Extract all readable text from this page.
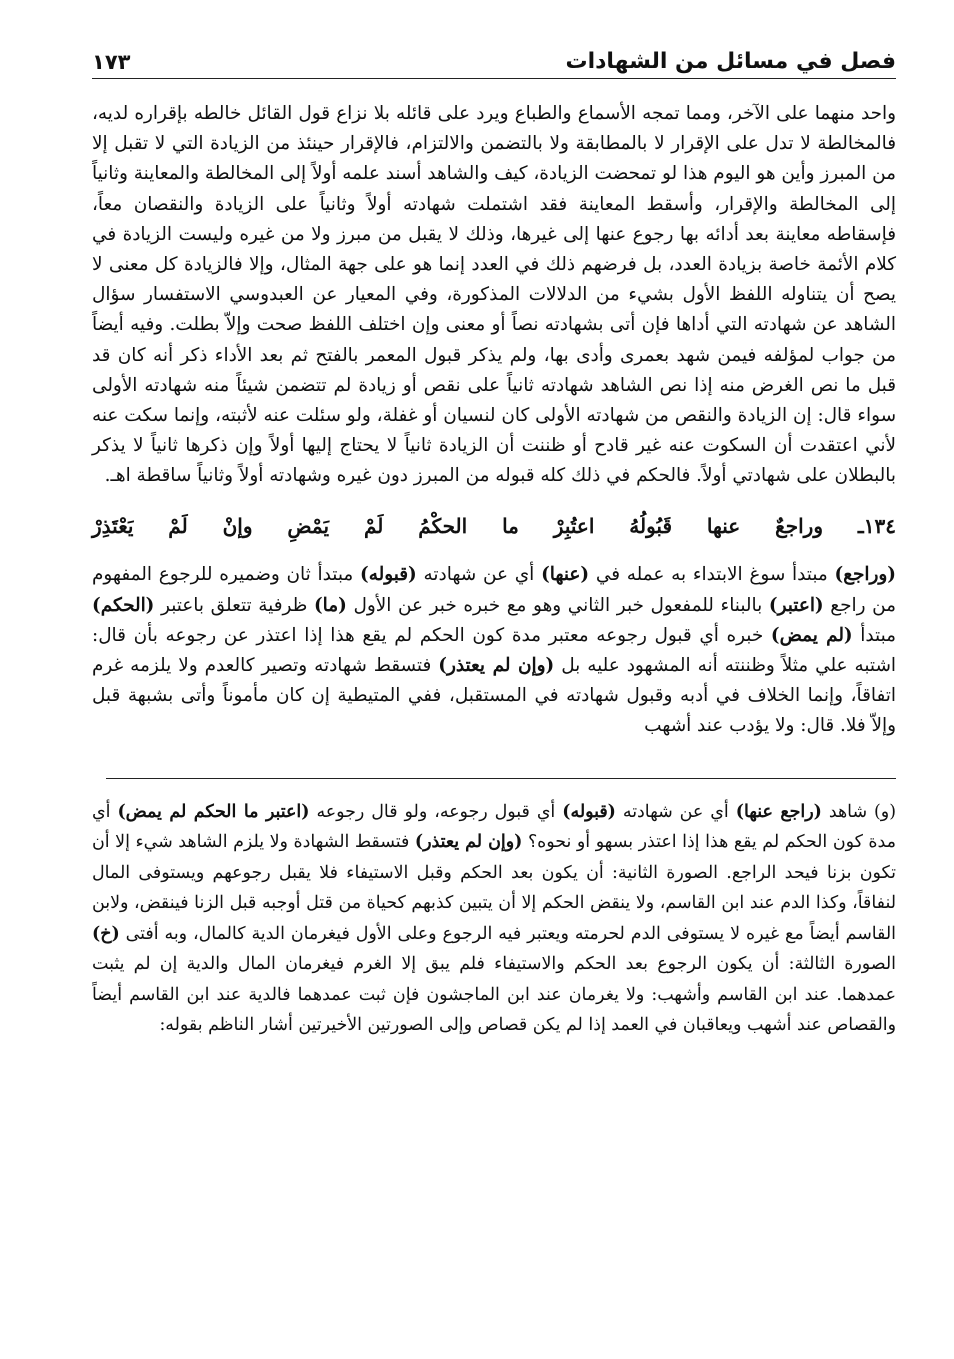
فصل في مسائل من الشهادات
١٧٣

واحد منهما على الآخر، ومما تمجه الأسماع والطباع ويرد على قائله بلا نزاع قول القائل خالطه بإقراره لديه، فالمخالطة لا تدل على الإقرار لا بالمطابقة ولا بالتضمن والالتزام، فالإقرار حينئذ من الزيادة التي لا تقبل إلا من المبرز وأين هو اليوم هذا لو تمحضت الزيادة، كيف والشاهد أسند علمه أولاً إلى المخالطة والمعاينة وثانياً إلى المخالطة والإقرار، وأسقط المعاينة فقد اشتملت شهادته أولاً وثانياً على الزيادة والنقصان معاً، فإسقاطه معاينة بعد أدائه بها رجوع عنها إلى غيرها، وذلك لا يقبل من مبرز ولا من غيره وليست الزيادة في كلام الأئمة خاصة بزيادة العدد، بل فرضهم ذلك في العدد إنما هو على جهة المثال، وإلا فالزيادة كل معنى لا يصح أن يتناوله اللفظ الأول بشيء من الدلالات المذكورة، وفي المعيار عن العبدوسي الاستفسار سؤال الشاهد عن شهادته التي أداها فإن أتى بشهادته نصاً أو معنى وإن اختلف اللفظ صحت وإلاّ بطلت. وفيه أيضاً من جواب لمؤلفه فيمن شهد بعمرى وأدى بها، ولم يذكر قبول المعمر بالفتح ثم بعد الأداء ذكر أنه كان قد قبل ما نص الغرض منه إذا نص الشاهد شهادته ثانياً على نقص أو زيادة لم تتضمن شيئاً منه شهادته الأولى سواء قال: إن الزيادة والنقص من شهادته الأولى كان لنسيان أو غفلة، ولو سئلت عنه لأثبته، وإنما سكت عنه لأني اعتقدت أن السكوت عنه غير قادح أو ظننت أن الزيادة ثانياً لا يحتاج إليها أولاً وإن ذكرها ثانياً لا يذكر بالبطلان على شهادتي أولاً. فالحكم في ذلك كله قبوله من المبرز دون غيره وشهادته أولاً وثانياً ساقطة اهـ.

١٣٤ـ وراجعٌ عنها قَبُولُهُ اعتُبِرْ ما الحكْمُ لَمْ يَمْضِ وإنْ لَمْ يَعْتَذِرْ

(وراجع) مبتدأ سوغ الابتداء به عمله في (عنها) أي عن شهادته (قبوله) مبتدأ ثان وضميره للرجوع المفهوم من راجع (اعتبر) بالبناء للمفعول خبر الثاني وهو مع خبره خبر عن الأول (ما) ظرفية تتعلق باعتبر (الحكم) مبتدأ (لم يمض) خبره أي قبول رجوعه معتبر مدة كون الحكم لم يقع هذا إذا اعتذر عن رجوعه بأن قال: اشتبه علي مثلاً وظننته أنه المشهود عليه بل (وإن لم يعتذر) فتسقط شهادته وتصير كالعدم ولا يلزمه غرم اتفاقاً، وإنما الخلاف في أدبه وقبول شهادته في المستقبل، ففي المتيطية إن كان مأموناً وأتى بشبهة قبل وإلاّ فلا. قال: ولا يؤدب عند أشهب

(و) شاهد (راجع عنها) أي عن شهادته (قبوله) أي قبول رجوعه، ولو قال رجوعه (اعتبر ما الحكم لم يمض) أي مدة كون الحكم لم يقع هذا إذا اعتذر بسهو أو نحوه؟ (وإن لم يعتذر) فتسقط الشهادة ولا يلزم الشاهد شيء إلا أن تكون بزنا فيحد الراجع. الصورة الثانية: أن يكون بعد الحكم وقبل الاستيفاء فلا يقبل رجوعهم ويستوفى المال لنفاقاً، وكذا الدم عند ابن القاسم، ولا ينقض الحكم إلا أن يتبين كذبهم كحياة من قتل أوجبه قبل الزنا فينقض، ولابن القاسم أيضاً مع غيره لا يستوفى الدم لحرمته ويعتبر فيه الرجوع وعلى الأول فيغرمان الدية كالمال، وبه أفتى (خ) الصورة الثالثة: أن يكون الرجوع بعد الحكم والاستيفاء فلم يبق إلا الغرم فيغرمان المال والدية إن لم يثبت عمدهما. عند ابن القاسم وأشهب: ولا يغرمان عند ابن الماجشون فإن ثبت عمدهما فالدية عند ابن القاسم أيضاً والقصاص عند أشهب ويعاقبان في العمد إذا لم يكن قصاص وإلى الصورتين الأخيرتين أشار الناظم بقوله:
